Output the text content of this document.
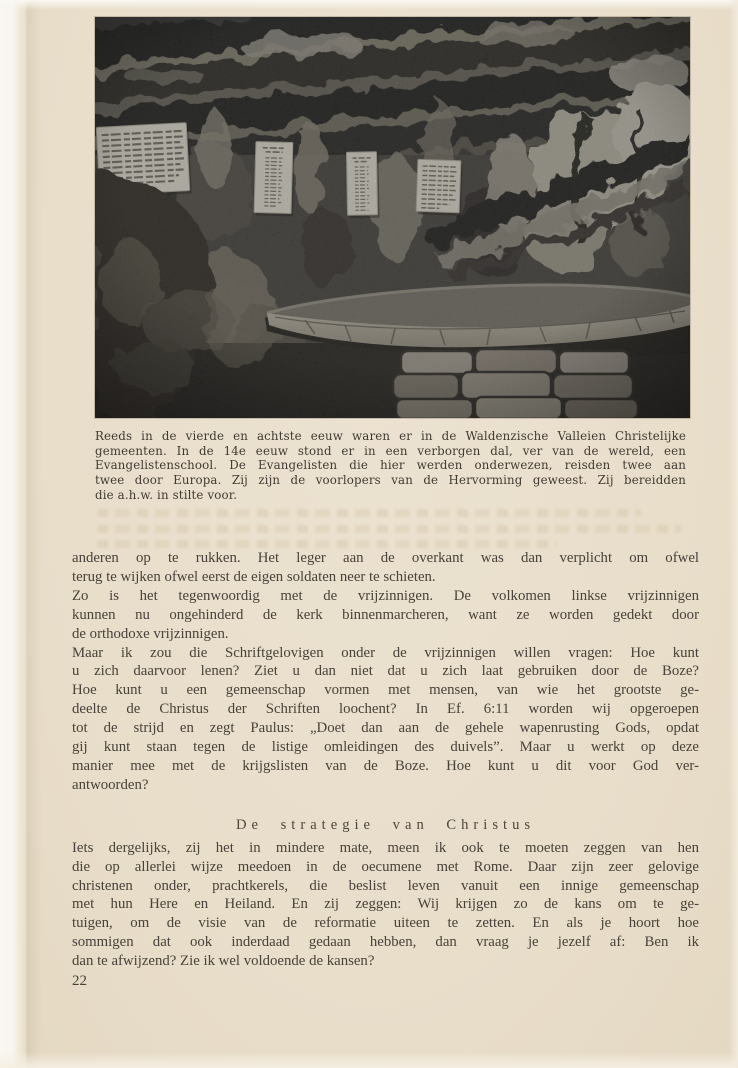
Reeds in de vierde en achtste eeuw waren er in de Waldenzische Valleien Christelijke
gemeenten. In de 14e eeuw stond er in een verborgen dal, ver van de wereld, een
Evangelistenschool. De Evangelisten die hier werden onderwezen, reisden twee aan
twee door Europa. Zij zijn de voorlopers van de Hervorming geweest. Zij bereidden
die a.h.w. in stilte voor.
anderen op te rukken. Het leger aan de overkant was dan verplicht om ofwel
terug te wijken ofwel eerst de eigen soldaten neer te schieten.
Zo is het tegenwoordig met de vrijzinnigen. De volkomen linkse vrijzinnigen
kunnen nu ongehinderd de kerk binnenmarcheren, want ze worden gedekt door
de orthodoxe vrijzinnigen.
Maar ik zou die Schriftgelovigen onder de vrijzinnigen willen vragen: Hoe kunt
u zich daarvoor lenen? Ziet u dan niet dat u zich laat gebruiken door de Boze?
Hoe kunt u een gemeenschap vormen met mensen, van wie het grootste ge-
deelte de Christus der Schriften loochent? In Ef. 6:11 worden wij opgeroepen
tot de strijd en zegt Paulus: „Doet dan aan de gehele wapenrusting Gods, opdat
gij kunt staan tegen de listige omleidingen des duivels”. Maar u werkt op deze
manier mee met de krijgslisten van de Boze. Hoe kunt u dit voor God ver-
antwoorden?
De strategie van Christus
Iets dergelijks, zij het in mindere mate, meen ik ook te moeten zeggen van hen
die op allerlei wijze meedoen in de oecumene met Rome. Daar zijn zeer gelovige
christenen onder, prachtkerels, die beslist leven vanuit een innige gemeenschap
met hun Here en Heiland. En zij zeggen: Wij krijgen zo de kans om te ge-
tuigen, om de visie van de reformatie uiteen te zetten. En als je hoort hoe
sommigen dat ook inderdaad gedaan hebben, dan vraag je jezelf af: Ben ik
dan te afwijzend? Zie ik wel voldoende de kansen?
22
